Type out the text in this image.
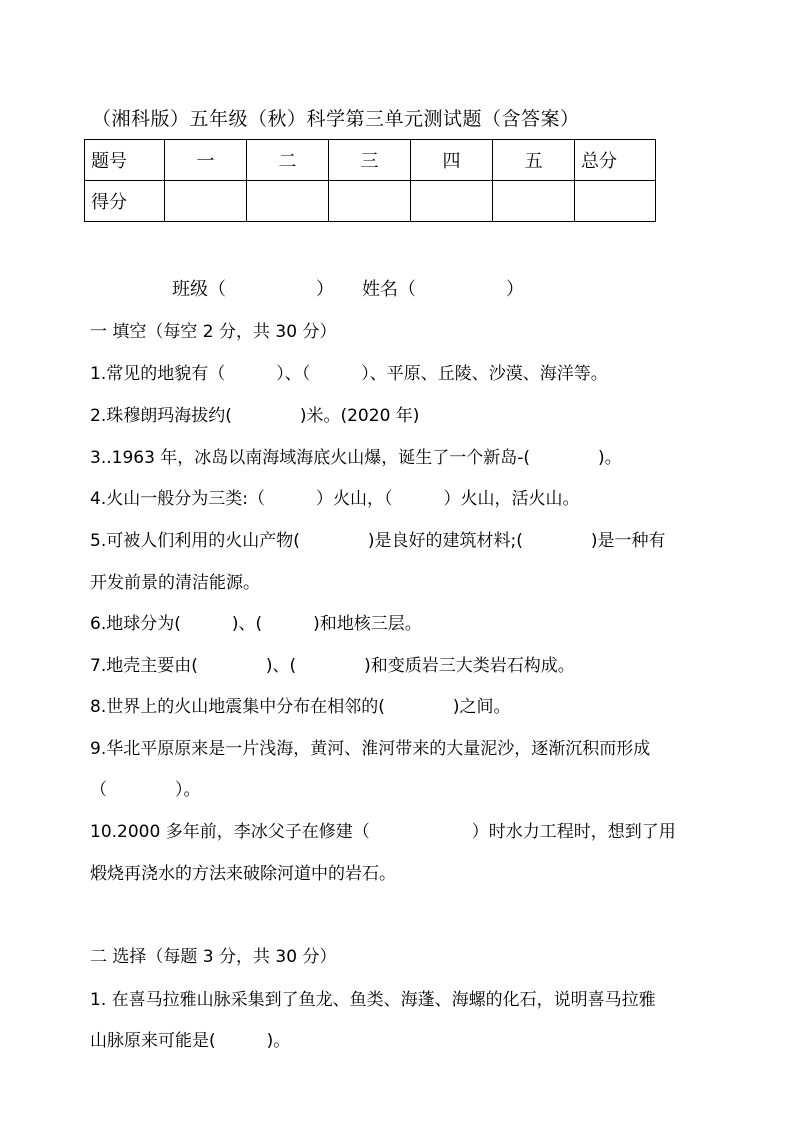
（湘科版）五年级（秋）科学第三单元测试题（含答案）
题号	一	二	三	四	五	总分
得分						
班级（　　　　　） 姓名（　　　　　）
一 填空（每空 2 分，共 30 分）
1.常见的地貌有（　　　）、（　　　）、平原、丘陵、沙漠、海洋等。
2.珠穆朗玛海拔约(　　　　)米。(2020 年)
3..1963 年，冰岛以南海域海底火山爆，诞生了一个新岛-(　　　　)。
4.火山一般分为三类:（　　　）火山，（　　　）火山，活火山。
5.可被人们利用的火山产物(　　　　)是良好的建筑材料;(　　　　)是一种有
开发前景的清洁能源。
6.地球分为(　　　)、(　　　)和地核三层。
7.地壳主要由(　　　　)、(　　　　)和变质岩三大类岩石构成。
8.世界上的火山地震集中分布在相邻的(　　　　)之间。
9.华北平原原来是一片浅海，黄河、淮河带来的大量泥沙，逐渐沉积而形成
（　　　　）。
10.2000 多年前，李冰父子在修建（　　　　　　）时水力工程时，想到了用
煅烧再浇水的方法来破除河道中的岩石。
二 选择（每题 3 分，共 30 分）
1. 在喜马拉雅山脉采集到了鱼龙、鱼类、海蓬、海螺的化石，说明喜马拉雅
山脉原来可能是(　　　)。
